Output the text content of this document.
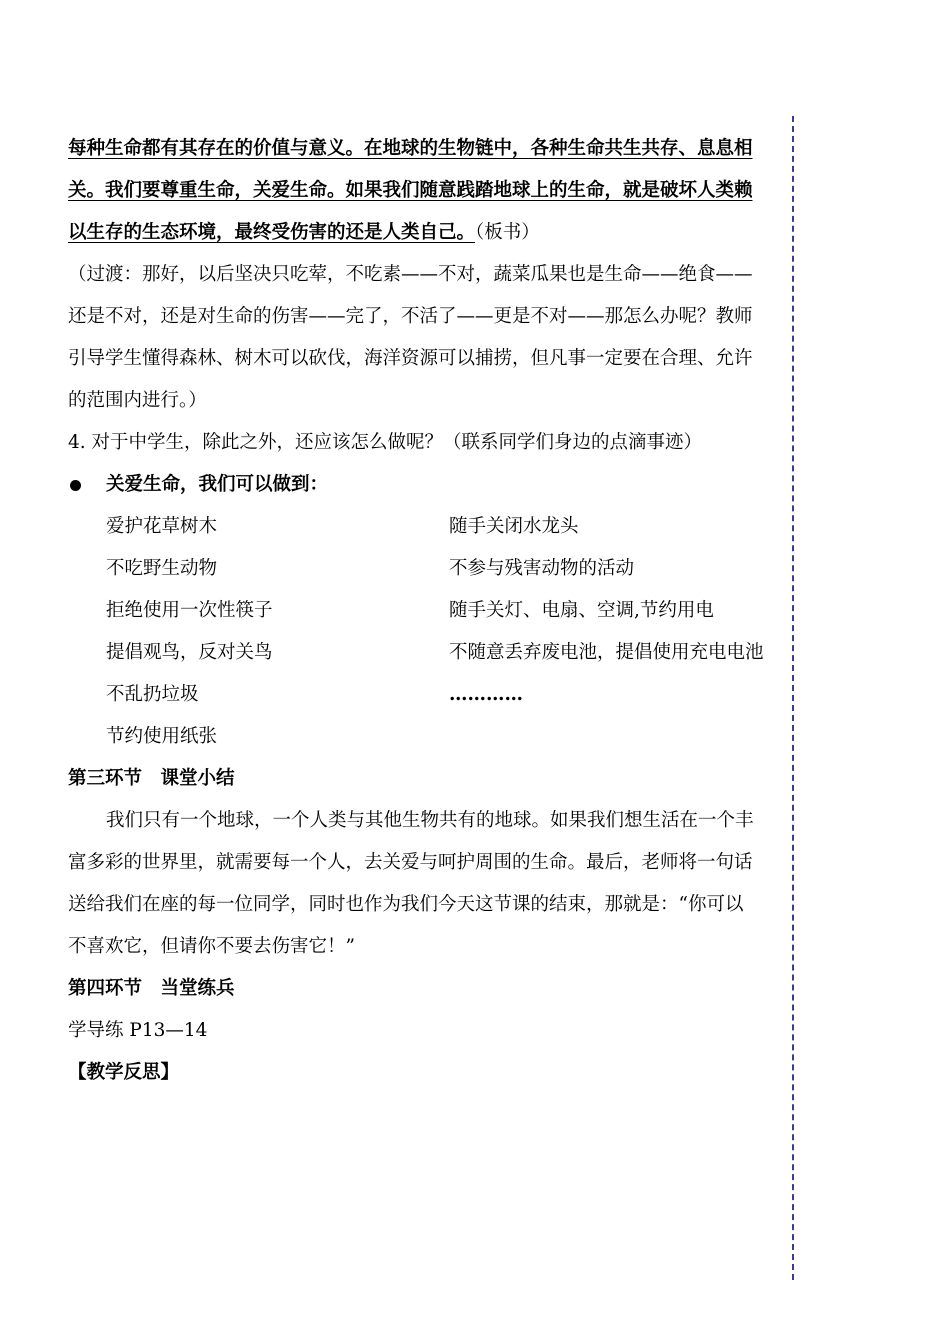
每种生命都有其存在的价值与意义。在地球的生物链中，各种生命共生共存、息息相
关。我们要尊重生命，关爱生命。如果我们随意践踏地球上的生命，就是破坏人类赖
以生存的生态环境，最终受伤害的还是人类自己。（板书）
（过渡：那好，以后坚决只吃荤，不吃素——不对，蔬菜瓜果也是生命——绝食——
还是不对，还是对生命的伤害——完了，不活了——更是不对——那怎么办呢？教师
引导学生懂得森林、树木可以砍伐，海洋资源可以捕捞，但凡事一定要在合理、允许
的范围内进行。）
4. 对于中学生，除此之外，还应该怎么做呢？（联系同学们身边的点滴事迹）
关爱生命，我们可以做到：
爱护花草树木	随手关闭水龙头
不吃野生动物	不参与残害动物的活动
拒绝使用一次性筷子	随手关灯、电扇、空调,节约用电
提倡观鸟，反对关鸟	不随意丢弃废电池，提倡使用充电电池
不乱扔垃圾	…………
节约使用纸张
第三环节　课堂小结
我们只有一个地球，一个人类与其他生物共有的地球。如果我们想生活在一个丰
富多彩的世界里，就需要每一个人，去关爱与呵护周围的生命。最后，老师将一句话
送给我们在座的每一位同学，同时也作为我们今天这节课的结束，那就是：“你可以
不喜欢它，但请你不要去伤害它！”
第四环节　当堂练兵
学导练 P13—14
【教学反思】
